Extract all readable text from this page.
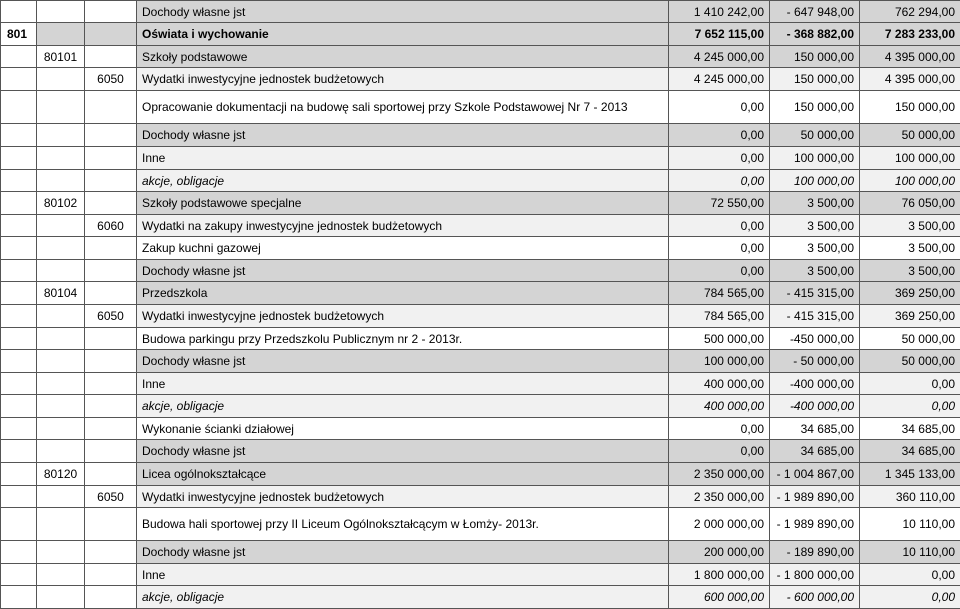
			Dochody własne jst	1 410 242,00	- 647 948,00	762 294,00
801			Oświata i wychowanie	7 652 115,00	- 368 882,00	7 283 233,00
	80101		Szkoły podstawowe	4 245 000,00	150 000,00	4 395 000,00
		6050	Wydatki inwestycyjne jednostek budżetowych	4 245 000,00	150 000,00	4 395 000,00
			Opracowanie dokumentacji na budowę sali sportowej przy Szkole Podstawowej Nr 7 - 2013	0,00	150 000,00	150 000,00
			Dochody własne jst	0,00	50 000,00	50 000,00
			Inne	0,00	100 000,00	100 000,00
			akcje, obligacje	0,00	100 000,00	100 000,00
	80102		Szkoły podstawowe specjalne	72 550,00	3 500,00	76 050,00
		6060	Wydatki na zakupy inwestycyjne jednostek budżetowych	0,00	3 500,00	3 500,00
			Zakup kuchni gazowej	0,00	3 500,00	3 500,00
			Dochody własne jst	0,00	3 500,00	3 500,00
	80104		Przedszkola	784 565,00	- 415 315,00	369 250,00
		6050	Wydatki inwestycyjne jednostek budżetowych	784 565,00	- 415 315,00	369 250,00
			Budowa parkingu przy Przedszkolu Publicznym nr 2 - 2013r.	500 000,00	-450 000,00	50 000,00
			Dochody własne jst	100 000,00	- 50 000,00	50 000,00
			Inne	400 000,00	-400 000,00	0,00
			akcje, obligacje	400 000,00	-400 000,00	0,00
			Wykonanie ścianki działowej	0,00	34 685,00	34 685,00
			Dochody własne jst	0,00	34 685,00	34 685,00
	80120		Licea ogólnokształcące	2 350 000,00	- 1 004 867,00	1 345 133,00
		6050	Wydatki inwestycyjne jednostek budżetowych	2 350 000,00	- 1 989 890,00	360 110,00
			Budowa hali sportowej przy II Liceum Ogólnokształcącym w Łomży- 2013r.	2 000 000,00	- 1 989 890,00	10 110,00
			Dochody własne jst	200 000,00	- 189 890,00	10 110,00
			Inne	1 800 000,00	- 1 800 000,00	0,00
			akcje, obligacje	600 000,00	- 600 000,00	0,00
